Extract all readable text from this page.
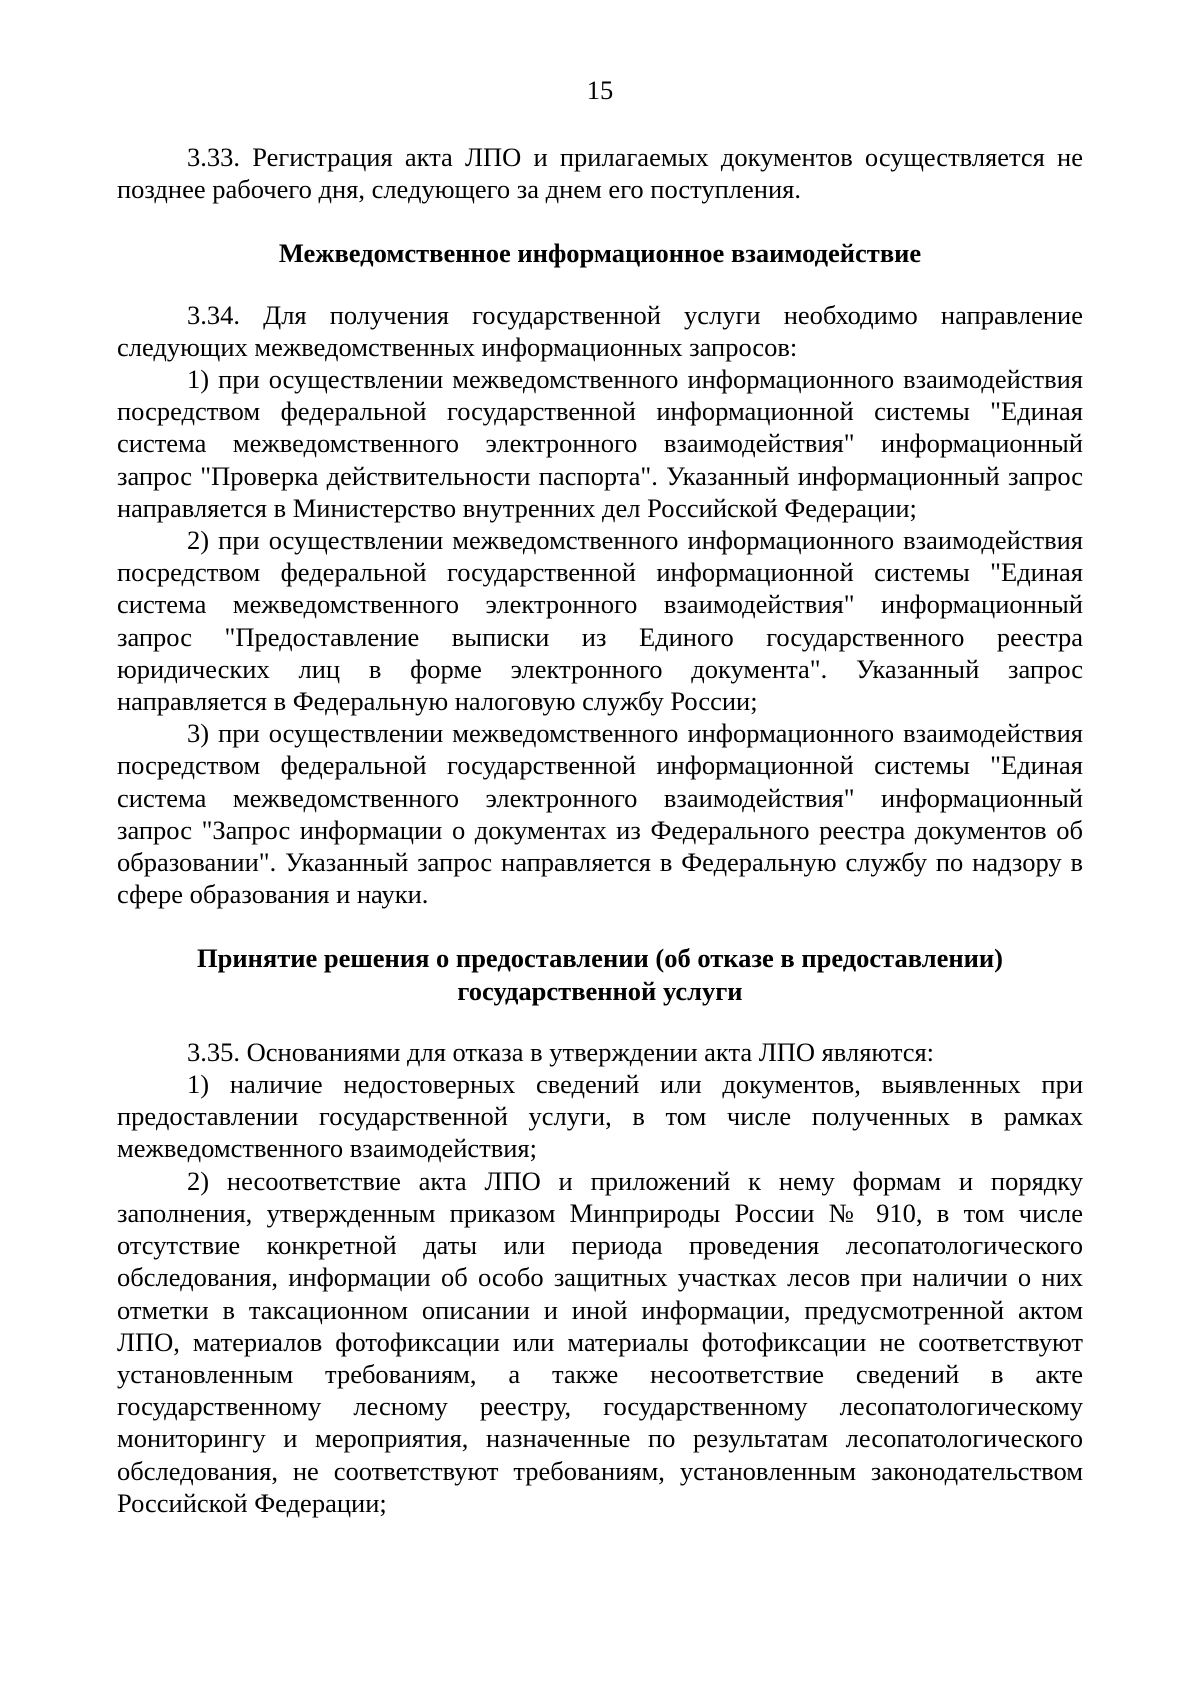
15

3.33. Регистрация акта ЛПО и прилагаемых документов осуществляется не позднее рабочего дня, следующего за днем его поступления.

Межведомственное информационное взаимодействие

3.34. Для получения государственной услуги необходимо направление следующих межведомственных информационных запросов:

1) при осуществлении межведомственного информационного взаимодействия посредством федеральной государственной информационной системы "Единая система межведомственного электронного взаимодействия" информационный запрос "Проверка действительности паспорта". Указанный информационный запрос направляется в Министерство внутренних дел Российской Федерации;

2) при осуществлении межведомственного информационного взаимодействия посредством федеральной государственной информационной системы "Единая система межведомственного электронного взаимодействия" информационный запрос "Предоставление выписки из Единого государственного реестра юридических лиц в форме электронного документа". Указанный запрос направляется в Федеральную налоговую службу России;

3) при осуществлении межведомственного информационного взаимодействия посредством федеральной государственной информационной системы "Единая система межведомственного электронного взаимодействия" информационный запрос "Запрос информации о документах из Федерального реестра документов об образовании". Указанный запрос направляется в Федеральную службу по надзору в сфере образования и науки.

Принятие решения о предоставлении (об отказе в предоставлении)
государственной услуги

3.35. Основаниями для отказа в утверждении акта ЛПО являются:

1) наличие недостоверных сведений или документов, выявленных при предоставлении государственной услуги, в том числе полученных в рамках межведомственного взаимодействия;

2) несоответствие акта ЛПО и приложений к нему формам и порядку заполнения, утвержденным приказом Минприроды России № 910, в том числе отсутствие конкретной даты или периода проведения лесопатологического обследования, информации об особо защитных участках лесов при наличии о них отметки в таксационном описании и иной информации, предусмотренной актом ЛПО, материалов фотофиксации или материалы фотофиксации не соответствуют установленным требованиям, а также несоответствие сведений в акте государственному лесному реестру, государственному лесопатологическому мониторингу и мероприятия, назначенные по результатам лесопатологического обследования, не соответствуют требованиям, установленным законодательством Российской Федерации;
